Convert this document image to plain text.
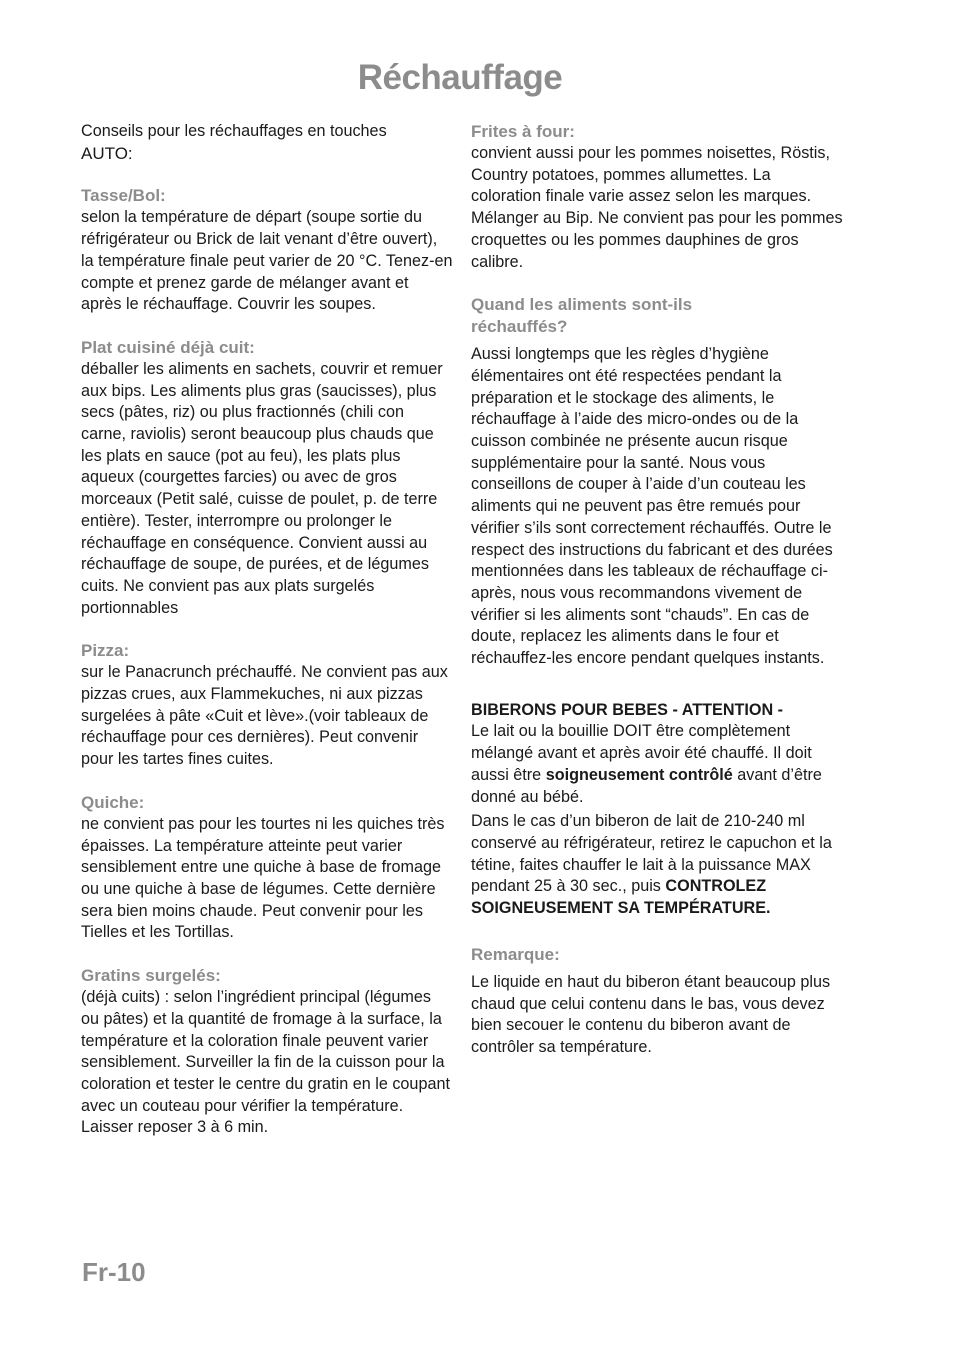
Réchauffage

Conseils pour les réchauffages en touches

AUTO:

Tasse/Bol:

selon la température de départ (soupe sortie du réfrigérateur ou Brick de lait venant d’être ouvert), la température finale peut varier de 20 °C. Tenez-en compte et prenez garde de mélanger avant et après le réchauffage. Couvrir les soupes.

Plat cuisiné déjà cuit:

déballer les aliments en sachets, couvrir et remuer aux bips. Les aliments plus gras (saucisses), plus secs (pâtes, riz) ou plus fractionnés (chili con carne, raviolis) seront beaucoup plus chauds que les plats en sauce (pot au feu), les plats plus aqueux (courgettes farcies) ou avec de gros morceaux (Petit salé, cuisse de poulet, p. de terre entière). Tester, interrompre ou prolonger le réchauffage en conséquence. Convient aussi au réchauffage de soupe, de purées, et de légumes cuits. Ne convient pas aux plats surgelés portionnables

Pizza:

sur le Panacrunch préchauffé. Ne convient pas aux pizzas crues, aux Flammekuches, ni aux pizzas surgelées à pâte «Cuit et lève».(voir tableaux de réchauffage pour ces dernières). Peut convenir pour les tartes fines cuites.

Quiche:

ne convient pas pour les tourtes ni les quiches très épaisses. La température atteinte peut varier sensiblement entre une quiche à base de fromage ou une quiche à base de légumes. Cette dernière sera bien moins chaude. Peut convenir pour les Tielles et les Tortillas.

Gratins surgelés:

(déjà cuits) : selon l’ingrédient principal (légumes ou pâtes) et la quantité de fromage à la surface, la température et la coloration finale peuvent varier sensiblement. Surveiller la fin de la cuisson pour la coloration et tester le centre du gratin en le coupant avec un couteau pour vérifier la température. Laisser reposer 3 à 6 min.

Frites à four:

convient aussi pour les pommes noisettes, Röstis, Country potatoes, pommes allumettes. La coloration finale varie assez selon les marques. Mélanger au Bip. Ne convient pas pour les pommes croquettes ou les pommes dauphines de gros calibre.

Quand les aliments sont-ils réchauffés?

Aussi longtemps que les règles d’hygiène élémentaires ont été respectées pendant la préparation et le stockage des aliments, le réchauffage à l’aide des micro-ondes ou de la cuisson combinée ne présente aucun risque supplémentaire pour la santé. Nous vous conseillons de couper à l’aide d’un couteau les aliments qui ne peuvent pas être remués pour vérifier s’ils sont correctement réchauffés. Outre le respect des instructions du fabricant et des durées mentionnées dans les tableaux de réchauffage ci-après, nous vous recommandons vivement de vérifier si les aliments sont “chauds”. En cas de doute, replacez les aliments dans le four et réchauffez-les encore pendant quelques instants.

BIBERONS POUR BEBES - ATTENTION -

Le lait ou la bouillie DOIT être complètement mélangé avant et après avoir été chauffé. Il doit aussi être soigneusement contrôlé avant d’être donné au bébé.

Dans le cas d’un biberon de lait de 210-240 ml conservé au réfrigérateur, retirez le capuchon et la tétine, faites chauffer le lait à la puissance MAX pendant 25 à 30 sec., puis CONTROLEZ SOIGNEUSEMENT SA TEMPÉRATURE.

Remarque:

Le liquide en haut du biberon étant beaucoup plus chaud que celui contenu dans le bas, vous devez bien secouer le contenu du biberon avant de contrôler sa température.

Fr-10
